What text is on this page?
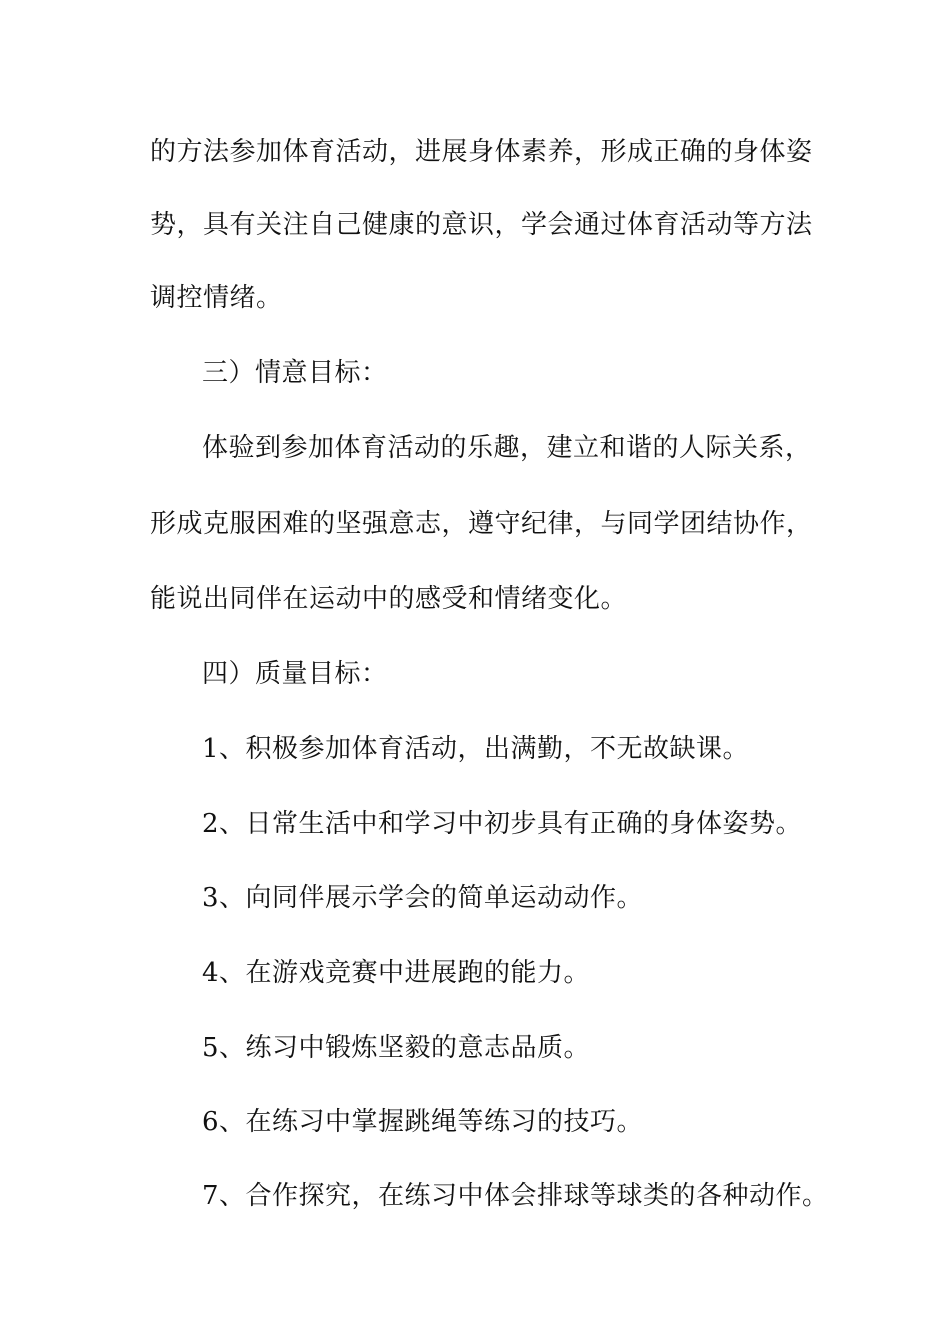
的方法参加体育活动，进展身体素养，形成正确的身体姿
势，具有关注自己健康的意识，学会通过体育活动等方法
调控情绪。
三）情意目标：
体验到参加体育活动的乐趣，建立和谐的人际关系，
形成克服困难的坚强意志，遵守纪律，与同学团结协作，
能说出同伴在运动中的感受和情绪变化。
四）质量目标：
1、积极参加体育活动，出满勤，不无故缺课。
2、日常生活中和学习中初步具有正确的身体姿势。
3、向同伴展示学会的简单运动动作。
4、在游戏竞赛中进展跑的能力。
5、练习中锻炼坚毅的意志品质。
6、在练习中掌握跳绳等练习的技巧。
7、合作探究，在练习中体会排球等球类的各种动作。
